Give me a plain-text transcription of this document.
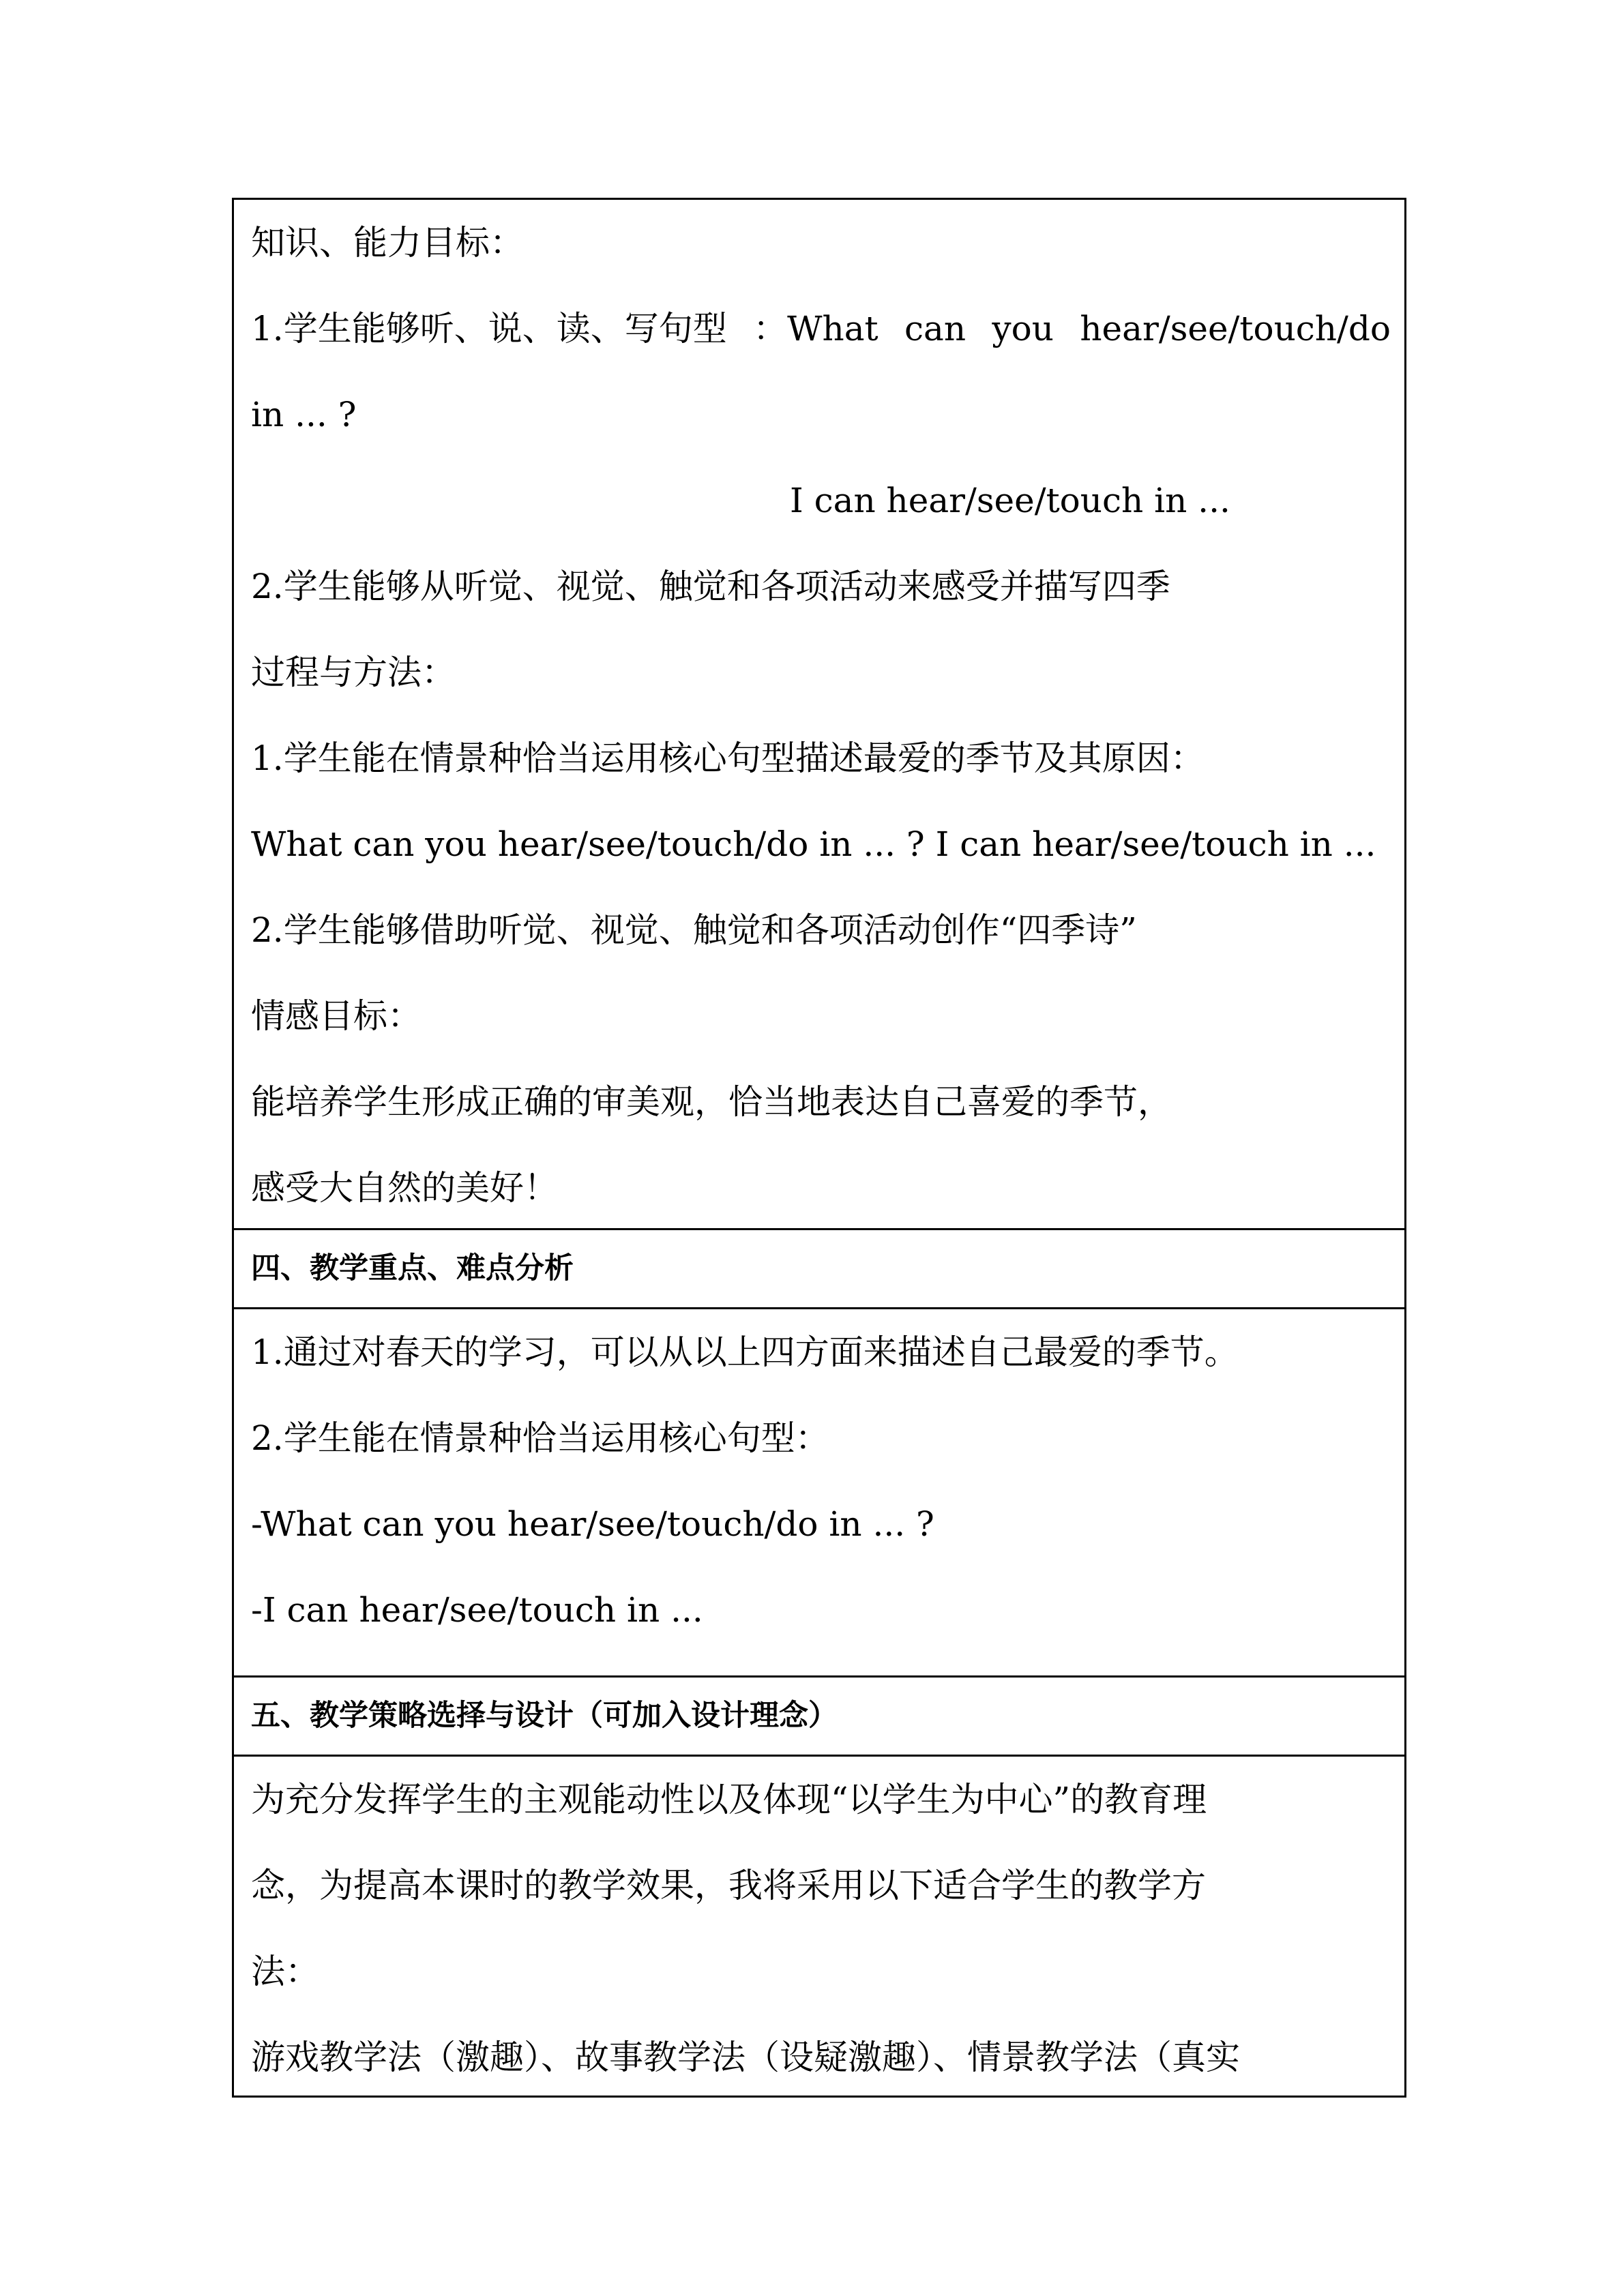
知识、能力目标：
1.学生能够听、说、读、写句型 ：What can you hear/see/touch/do
in ... ?
I can hear/see/touch in ...
2.学生能够从听觉、视觉、触觉和各项活动来感受并描写四季
过程与方法：
1.学生能在情景种恰当运用核心句型描述最爱的季节及其原因：
What can you hear/see/touch/do in ... ? I can hear/see/touch in ...
2.学生能够借助听觉、视觉、触觉和各项活动创作“四季诗”
情感目标：
能培养学生形成正确的审美观，恰当地表达自己喜爱的季节，
感受大自然的美好！
四、教学重点、难点分析
1.通过对春天的学习，可以从以上四方面来描述自己最爱的季节。
2.学生能在情景种恰当运用核心句型：
-What can you hear/see/touch/do in ... ?
-I can hear/see/touch in ...
五、教学策略选择与设计（可加入设计理念）
为充分发挥学生的主观能动性以及体现“以学生为中心”的教育理
念，为提高本课时的教学效果，我将采用以下适合学生的教学方
法：
游戏教学法（激趣）、故事教学法（设疑激趣）、情景教学法（真实
